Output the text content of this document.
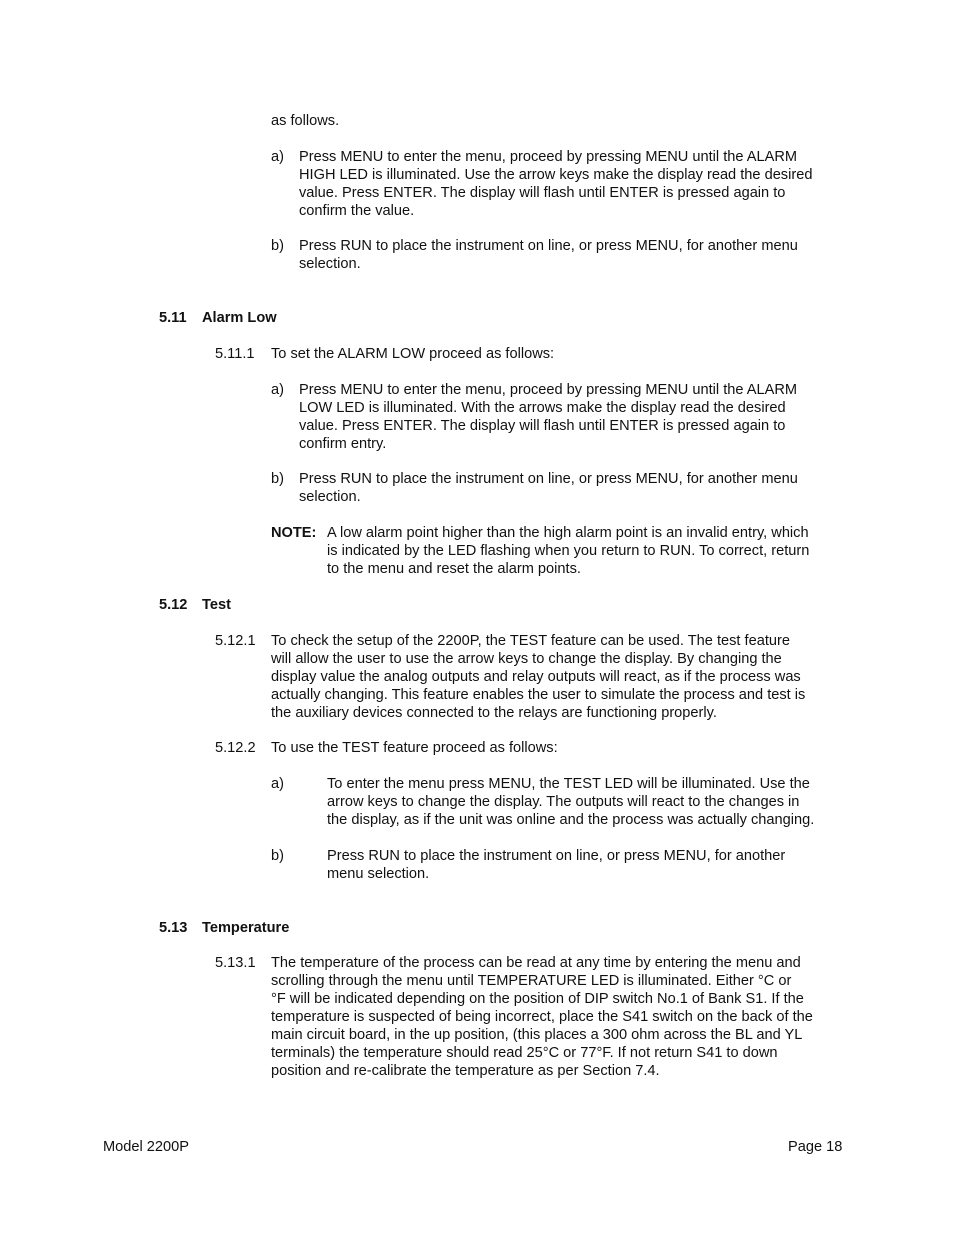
as follows.
a) Press MENU to enter the menu, proceed by pressing MENU until the ALARM
HIGH LED is illuminated. Use the arrow keys make the display read the desired
value. Press ENTER. The display will flash until ENTER is pressed again to
confirm the value.
b) Press RUN to place the instrument on line, or press MENU, for another menu
selection.
5.11 Alarm Low
5.11.1 To set the ALARM LOW proceed as follows:
a) Press MENU to enter the menu, proceed by pressing MENU until the ALARM
LOW LED is illuminated. With the arrows make the display read the desired
value. Press ENTER. The display will flash until ENTER is pressed again to
confirm entry.
b) Press RUN to place the instrument on line, or press MENU, for another menu
selection.
NOTE: A low alarm point higher than the high alarm point is an invalid entry, which
is indicated by the LED flashing when you return to RUN. To correct, return
to the menu and reset the alarm points.
5.12 Test
5.12.1 To check the setup of the 2200P, the TEST feature can be used. The test feature
will allow the user to use the arrow keys to change the display. By changing the
display value the analog outputs and relay outputs will react, as if the process was
actually changing. This feature enables the user to simulate the process and test is
the auxiliary devices connected to the relays are functioning properly.
5.12.2 To use the TEST feature proceed as follows:
a)	To enter the menu press MENU, the TEST LED will be illuminated. Use the
arrow keys to change the display. The outputs will react to the changes in
the display, as if the unit was online and the process was actually changing.
b)	Press RUN to place the instrument on line, or press MENU, for another
menu selection.
5.13 Temperature
5.13.1 The temperature of the process can be read at any time by entering the menu and
scrolling through the menu until TEMPERATURE LED is illuminated. Either °C or
°F will be indicated depending on the position of DIP switch No.1 of Bank S1. If the
temperature is suspected of being incorrect, place the S41 switch on the back of the
main circuit board, in the up position, (this places a 300 ohm across the BL and YL
terminals) the temperature should read 25°C or 77°F. If not return S41 to down
position and re-calibrate the temperature as per Section 7.4.
Model 2200P	Page 18
